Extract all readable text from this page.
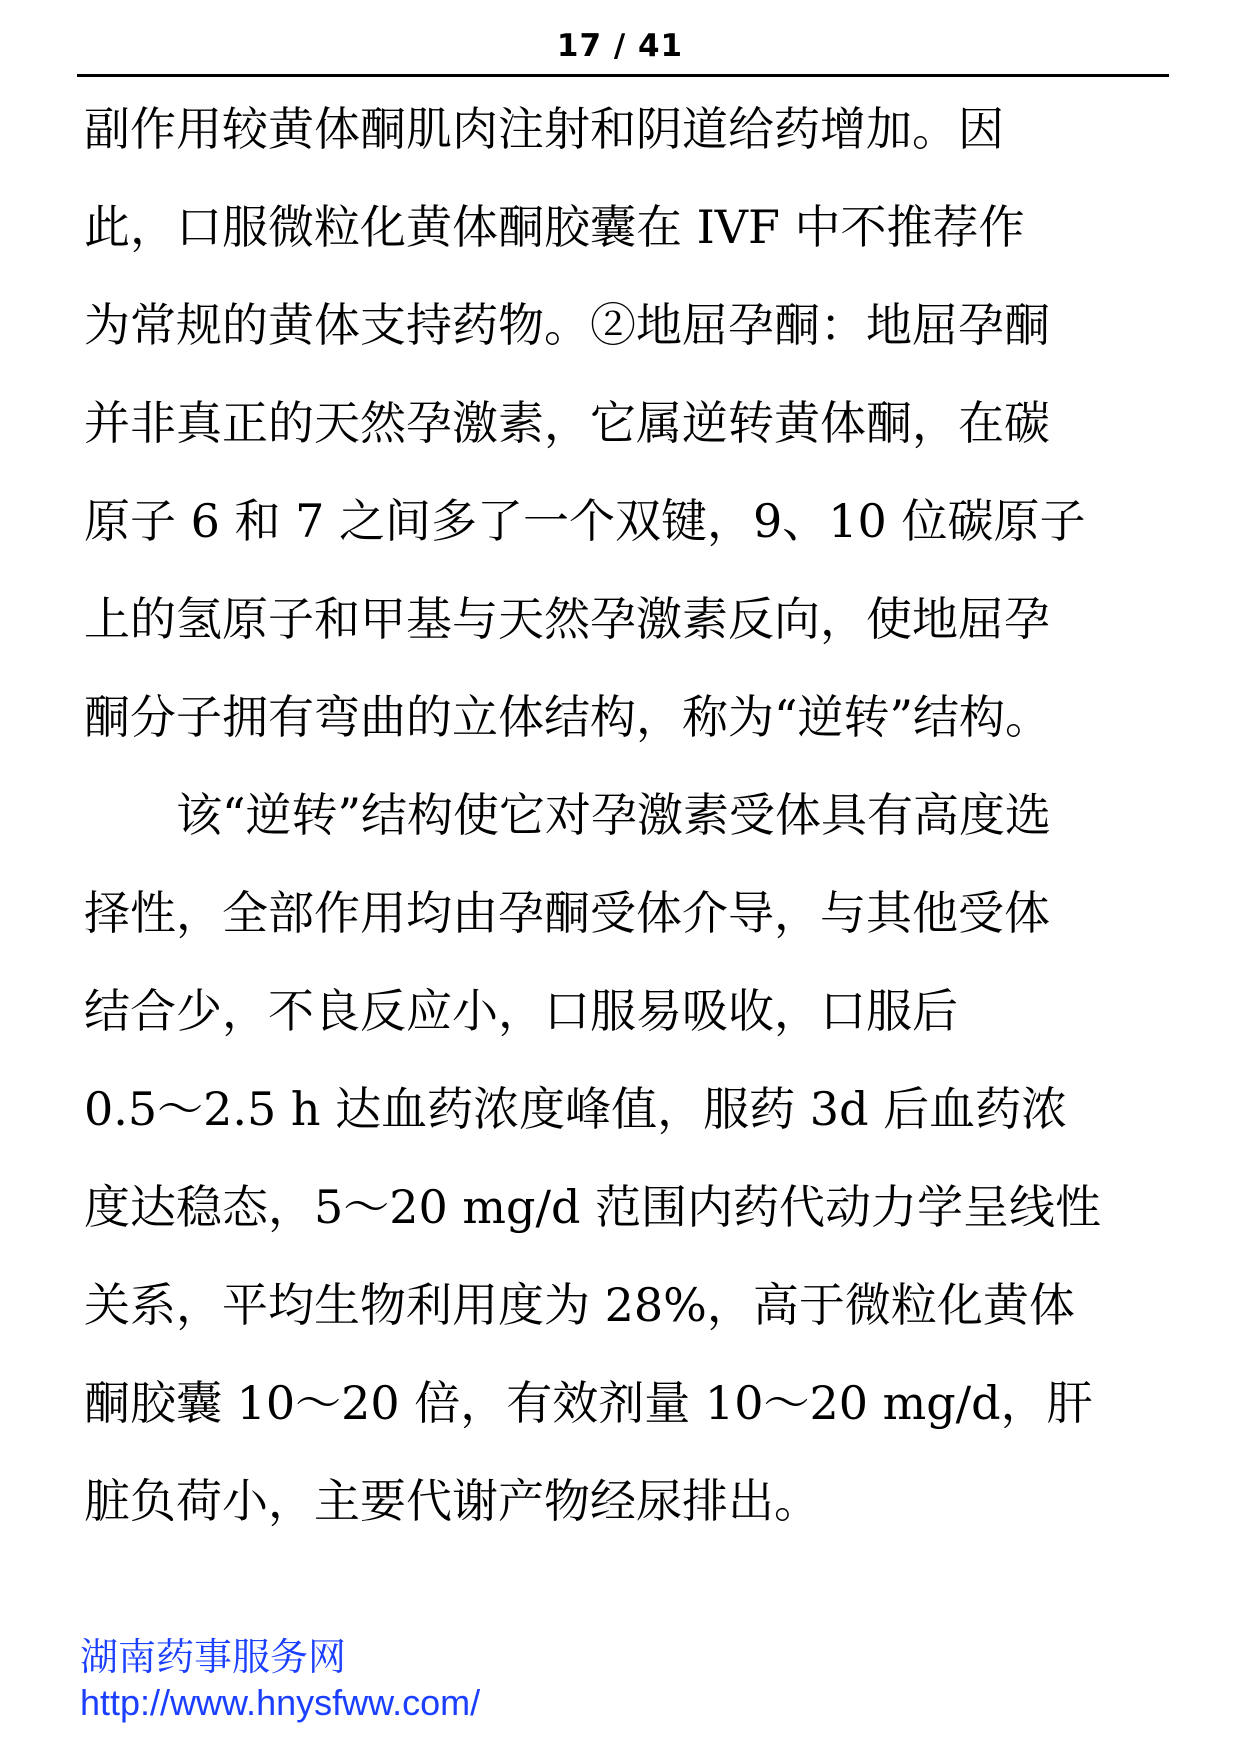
17 / 41
副作用较黄体酮肌肉注射和阴道给药增加。因
此，口服微粒化黄体酮胶囊在 IVF 中不推荐作
为常规的黄体支持药物。②地屈孕酮：地屈孕酮
并非真正的天然孕激素，它属逆转黄体酮，在碳
原子 6 和 7 之间多了一个双键，9、10 位碳原子
上的氢原子和甲基与天然孕激素反向，使地屈孕
酮分子拥有弯曲的立体结构，称为“逆转”结构。
该“逆转”结构使它对孕激素受体具有高度选
择性，全部作用均由孕酮受体介导，与其他受体
结合少，不良反应小，口服易吸收，口服后
0.5～2.5 h 达血药浓度峰值，服药 3d 后血药浓
度达稳态，5～20 mg/d 范围内药代动力学呈线性
关系，平均生物利用度为 28%，高于微粒化黄体
酮胶囊 10～20 倍，有效剂量 10～20 mg/d，肝
脏负荷小，主要代谢产物经尿排出。
湖南药事服务网
http://www.hnysfww.com/
